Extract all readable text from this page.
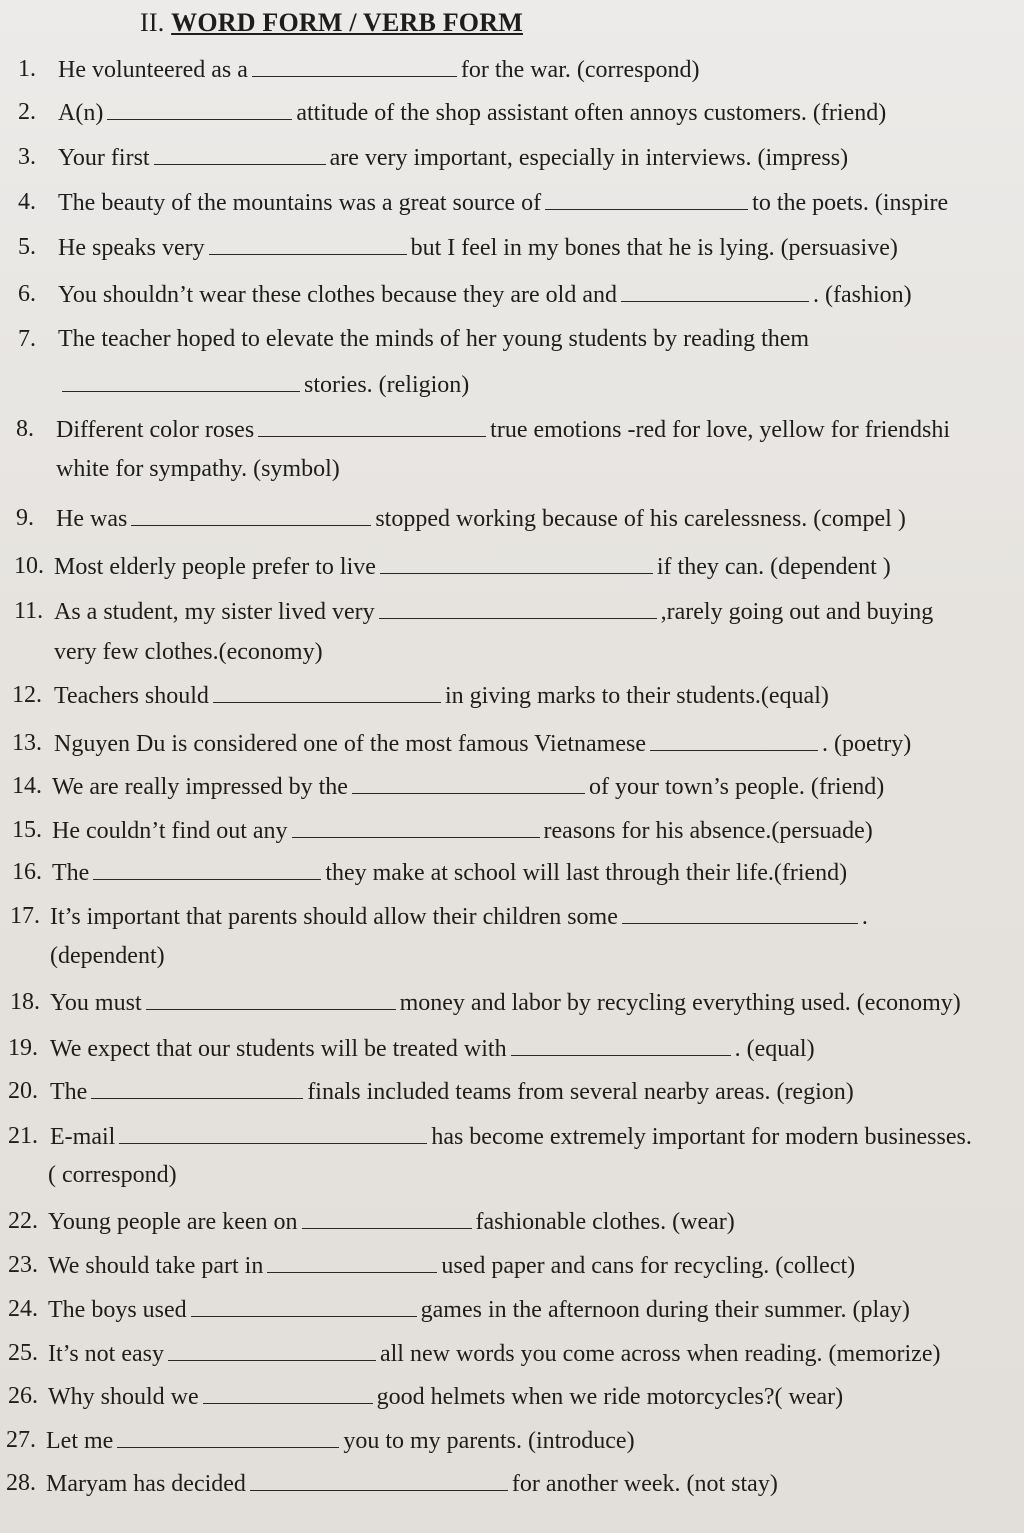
II. WORD FORM / VERB FORM
1. He volunteered as a	for the war. (correspond)
2. A(n)	attitude of the shop assistant often annoys customers. (friend)
3. Your first	are very important, especially in interviews. (impress)
4. The beauty of the mountains was a great source of	to the poets. (inspire
5. He speaks very	but I feel in my bones that he is lying. (persuasive)
6. You shouldn’t wear these clothes because they are old and	. (fashion)
7. The teacher hoped to elevate the minds of her young students by reading them
stories. (religion)
8. Different color roses	true emotions -red for love, yellow for friendshi
white for sympathy. (symbol)
9. He was	stopped working because of his carelessness. (compel )
10. Most elderly people prefer to live	if they can. (dependent )
11. As a student, my sister lived very	,rarely going out and buying
very few clothes.(economy)
12. Teachers should	in giving marks to their students.(equal)
13. Nguyen Du is considered one of the most famous Vietnamese	. (poetry)
14. We are really impressed by the	of your town’s people. (friend)
15. He couldn’t find out any	reasons for his absence.(persuade)
16. The	they make at school will last through their life.(friend)
17. It’s important that parents should allow their children some	.
(dependent)
18. You must	money and labor by recycling everything used. (economy)
19. We expect that our students will be treated with	. (equal)
20. The	finals included teams from several nearby areas. (region)
21. E-mail	has become extremely important for modern businesses.
( correspond)
22. Young people are keen on	fashionable clothes. (wear)
23. We should take part in	used paper and cans for recycling. (collect)
24. The boys used	games in the afternoon during their summer. (play)
25. It’s not easy	all new words you come across when reading. (memorize)
26. Why should we	good helmets when we ride motorcycles?( wear)
27. Let me	you to my parents. (introduce)
28. Maryam has decided	for another week. (not stay)
